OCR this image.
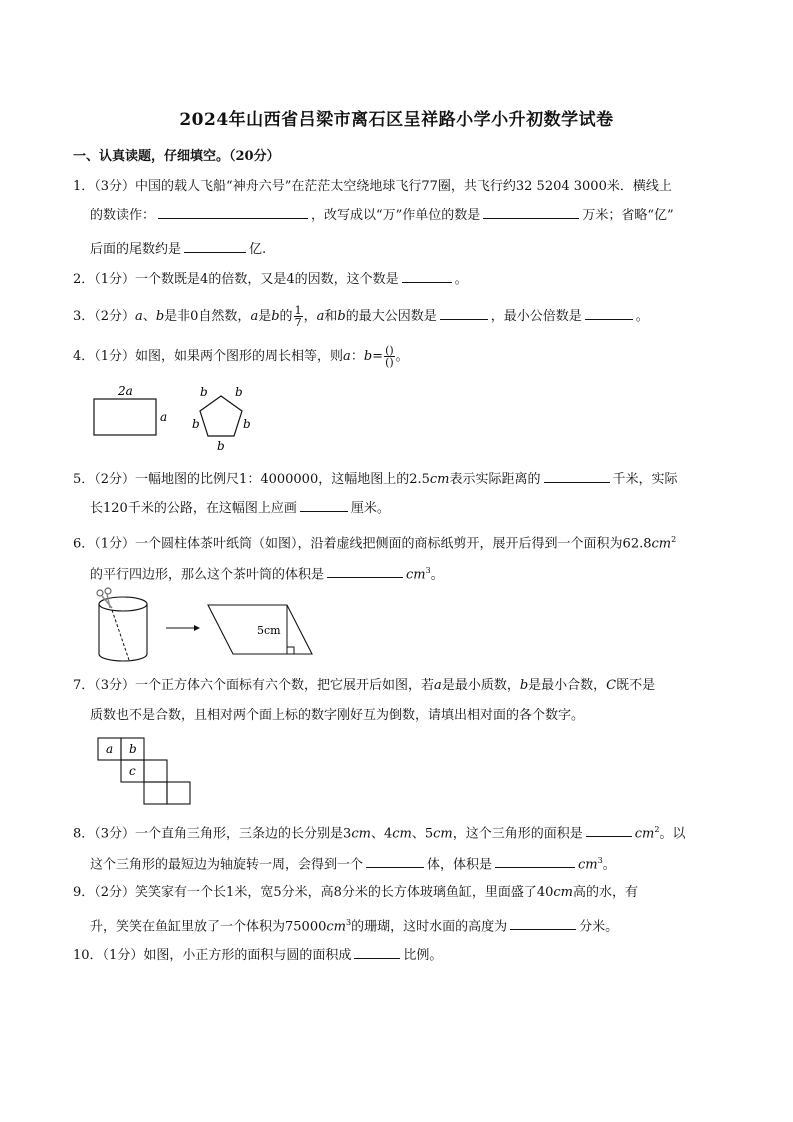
2024年山西省吕梁市离石区呈祥路小学小升初数学试卷
一、认真读题，仔细填空。（20分）
1．（3分）中国的载人飞船“神舟六号”在茫茫太空绕地球飞行77圈，共飞行约32 5204 3000米．横线上
的数读作：	，改写成以“万”作单位的数是	万米；省略“亿”
后面的尾数约是	亿.
2．（1分）一个数既是4的倍数，又是4的因数，这个数是	。
3．（2分）a、b是非0自然数，a是b的 $\frac{1}{7}$ ，a和b的最大公因数是	，最小公倍数是	。
4．（1分）如图，如果两个图形的周长相等，则a：$b= \frac{()}{()}$ 。
2a
a
b b
b	b
b
5．（2分）一幅地图的比例尺1：4000000，这幅地图上的2.5cm表示实际距离的	千米，实际
长120千米的公路，在这幅图上应画	厘米。
6．（1分）一个圆柱体茶叶纸筒（如图），沿着虚线把侧面的商标纸剪开，展开后得到一个面积为$62.8cm^2$
的平行四边形，那么这个茶叶筒的体积是	$cm^3$。
5cm
7．（3分）一个正方体六个面标有六个数，把它展开后如图，若a是最小质数，b是最小合数，C既不是
质数也不是合数，且相对两个面上标的数字刚好互为倒数，请填出相对面的各个数字。
a b
c
8．（3分）一个直角三角形，三条边的长分别是3cm、4cm、5cm，这个三角形的面积是	$cm^2$。以
这个三角形的最短边为轴旋转一周，会得到一个	体，体积是	$cm^3$。
9．（2分）笑笑家有一个长1米，宽5分米，高8分米的长方体玻璃鱼缸，里面盛了40cm高的水，有
升，笑笑在鱼缸里放了一个体积为$75000cm^3$的珊瑚，这时水面的高度为	分米。
10．（1分）如图，小正方形的面积与圆的面积成	比例。
